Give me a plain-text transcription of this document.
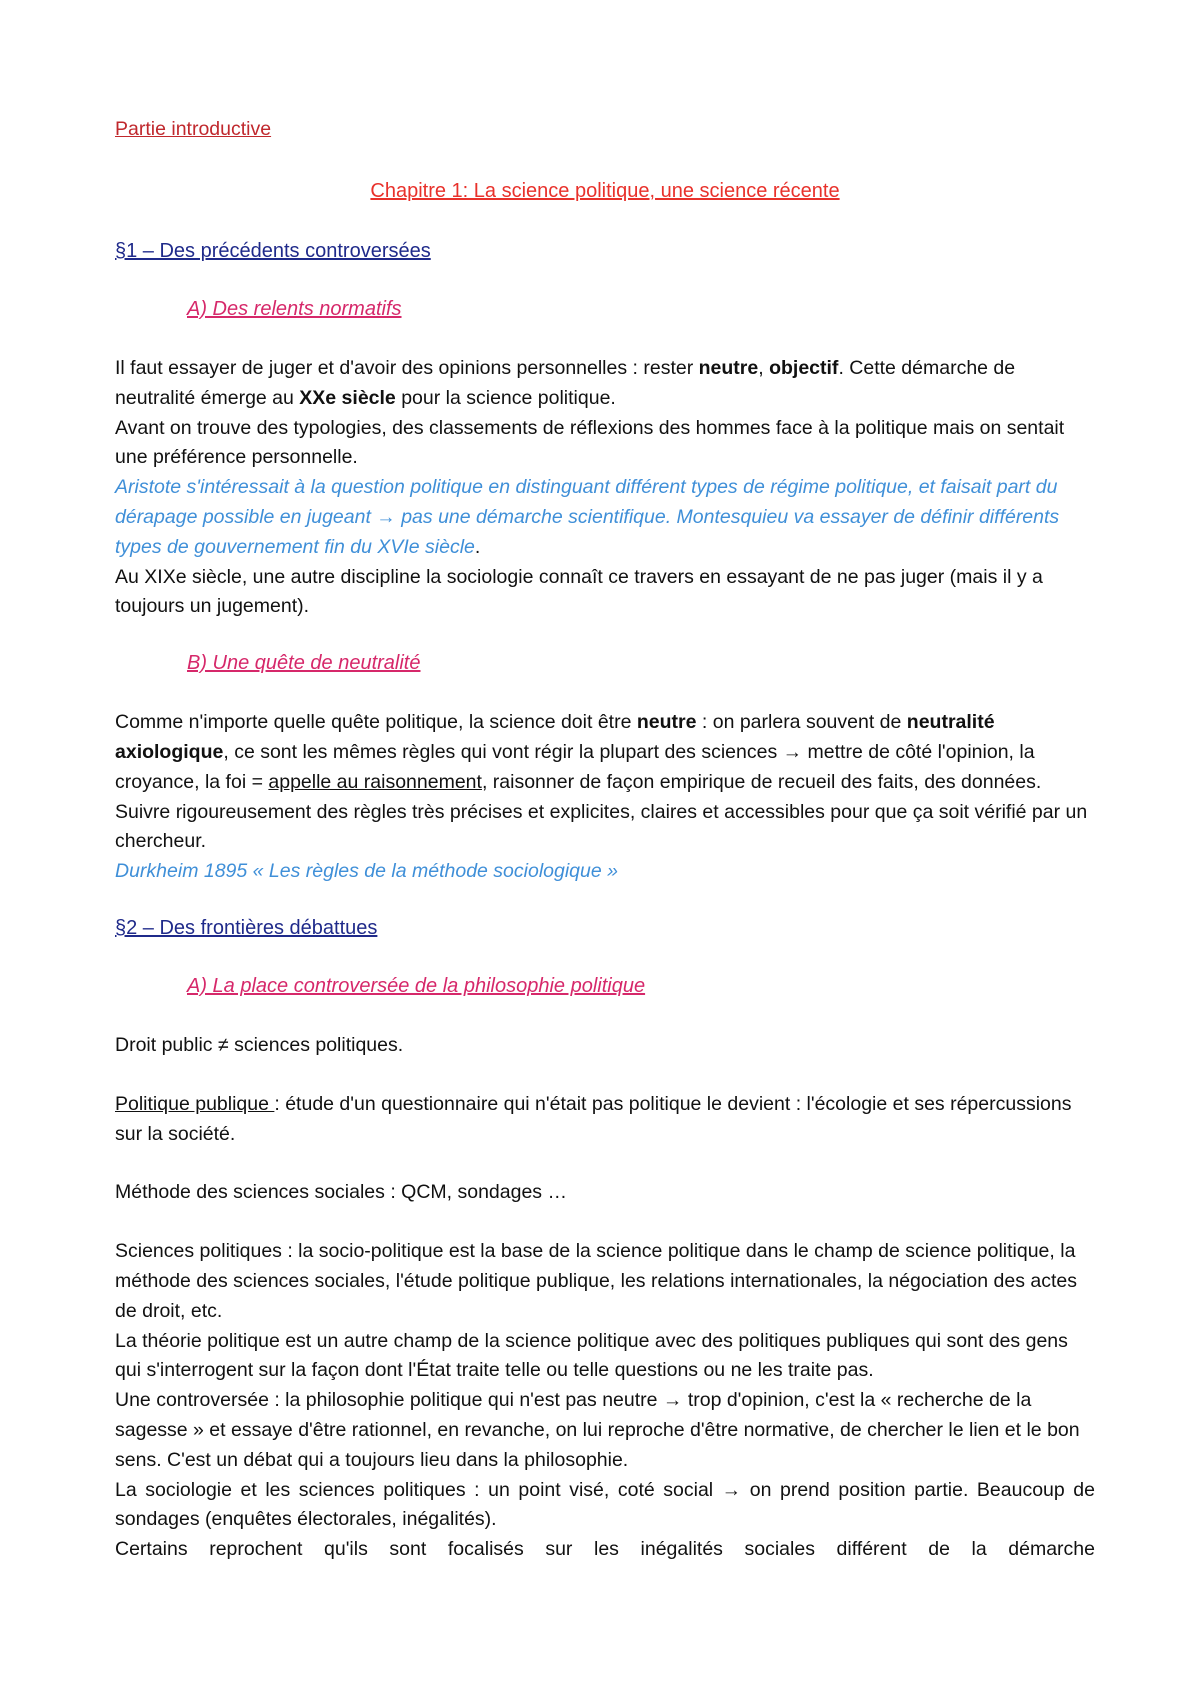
Partie introductive

Chapitre 1: La science politique, une science récente

§1 – Des précédents controversées

A) Des relents normatifs

Il faut essayer de juger et d'avoir des opinions personnelles : rester neutre, objectif. Cette démarche de neutralité émerge au XXe siècle pour la science politique.

Avant on trouve des typologies, des classements de réflexions des hommes face à la politique mais on sentait une préférence personnelle.

Aristote s'intéressait à la question politique en distinguant différent types de régime politique, et faisait part du dérapage possible en jugeant → pas une démarche scientifique. Montesquieu va essayer de définir différents types de gouvernement fin du XVIe siècle.

Au XIXe siècle, une autre discipline la sociologie connaît ce travers en essayant de ne pas juger (mais il y a toujours un jugement).

B) Une quête de neutralité

Comme n'importe quelle quête politique, la science doit être neutre : on parlera souvent de neutralité axiologique, ce sont les mêmes règles qui vont régir la plupart des sciences → mettre de côté l'opinion, la croyance, la foi = appelle au raisonnement, raisonner de façon empirique de recueil des faits, des données. Suivre rigoureusement des règles très précises et explicites, claires et accessibles pour que ça soit vérifié par un chercheur.

Durkheim 1895 « Les règles de la méthode sociologique »

§2 – Des frontières débattues

A) La place controversée de la philosophie politique

Droit public ≠ sciences politiques.

Politique publique : étude d'un questionnaire qui n'était pas politique le devient : l'écologie et ses répercussions sur la société.

Méthode des sciences sociales : QCM, sondages …

Sciences politiques : la socio-politique est la base de la science politique dans le champ de science politique, la méthode des sciences sociales, l'étude politique publique, les relations internationales, la négociation des actes de droit, etc.

La théorie politique est un autre champ de la science politique avec des politiques publiques qui sont des gens qui s'interrogent sur la façon dont l'État traite telle ou telle questions ou ne les traite pas.

Une controversée : la philosophie politique qui n'est pas neutre → trop d'opinion, c'est la « recherche de la sagesse » et essaye d'être rationnel, en revanche, on lui reproche d'être normative, de chercher le lien et le bon sens. C'est un débat qui a toujours lieu dans la philosophie.

La sociologie et les sciences politiques : un point visé, coté social → on prend position partie. Beaucoup de sondages (enquêtes électorales, inégalités).

Certains reprochent qu'ils sont focalisés sur les inégalités sociales différent de la démarche
